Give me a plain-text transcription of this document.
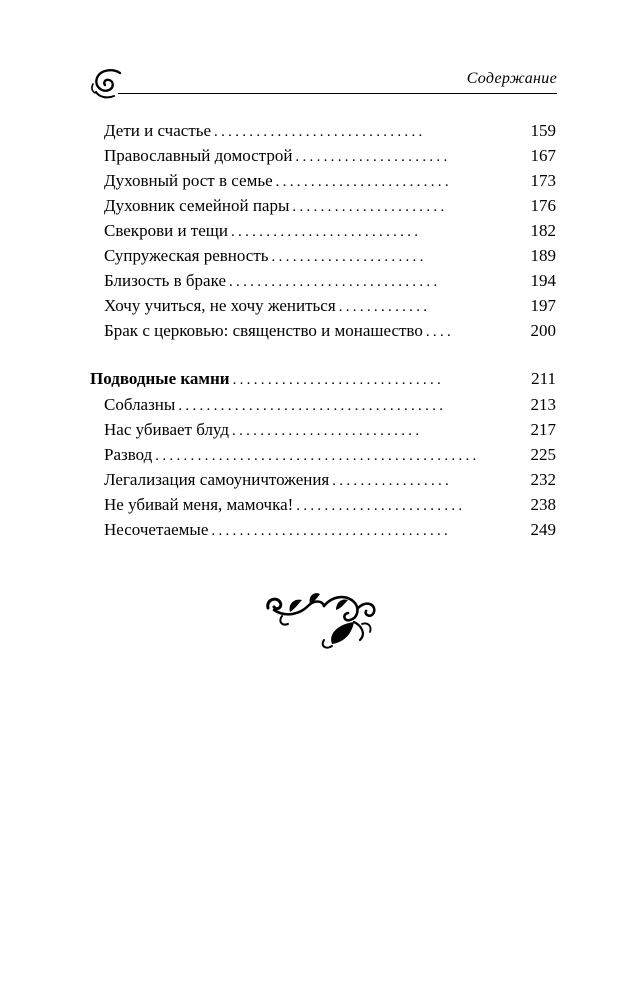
Содержание
Дети и счастье ..............................	159
Православный домострой ......................	167
Духовный рост в семье .........................	173
Духовник семейной пары ......................	176
Свекрови и тещи ...........................	182
Супружеская ревность ......................	189
Близость в браке ..............................	194
Хочу учиться, не хочу жениться .............	197
Брак с церковью: священство и монашество ....	200
Подводные камни ..............................	211
Соблазны ......................................	213
Нас убивает блуд ...........................	217
Развод ..............................................	225
Легализация самоуничтожения .................	232
Не убивай меня, мамочка! ........................	238
Несочетаемые ..................................	249
